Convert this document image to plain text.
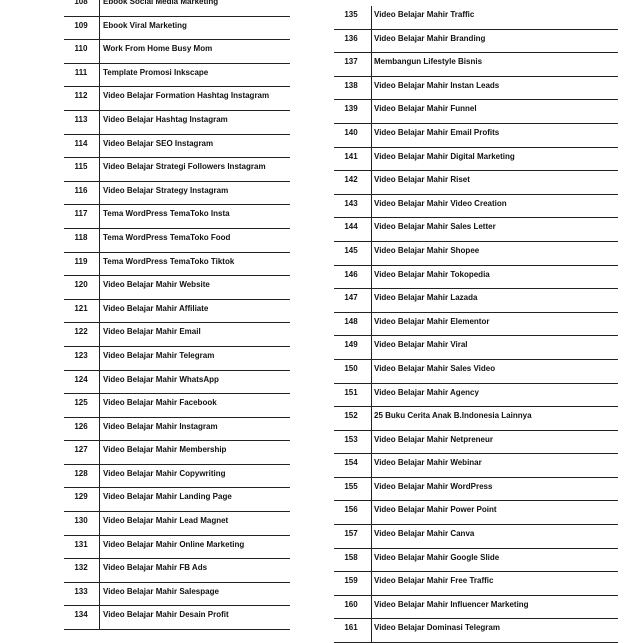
108	Ebook Social Media Marketing
109	Ebook Viral Marketing
110	Work From Home Busy Mom
111	Template Promosi Inkscape
112	Video Belajar Formation Hashtag Instagram
113	Video Belajar Hashtag Instagram
114	Video Belajar SEO Instagram
115	Video Belajar Strategi Followers Instagram
116	Video Belajar Strategy Instagram
117	Tema WordPress TemaToko Insta
118	Tema WordPress TemaToko Food
119	Tema WordPress TemaToko Tiktok
120	Video Belajar Mahir Website
121	Video Belajar Mahir Affiliate
122	Video Belajar Mahir Email
123	Video Belajar Mahir Telegram
124	Video Belajar Mahir WhatsApp
125	Video Belajar Mahir Facebook
126	Video Belajar Mahir Instagram
127	Video Belajar Mahir Membership
128	Video Belajar Mahir Copywriting
129	Video Belajar Mahir Landing Page
130	Video Belajar Mahir Lead Magnet
131	Video Belajar Mahir Online Marketing
132	Video Belajar Mahir FB Ads
133	Video Belajar Mahir Salespage
134	Video Belajar Mahir Desain Profit
135	Video Belajar Mahir Traffic
136	Video Belajar Mahir Branding
137	Membangun Lifestyle Bisnis
138	Video Belajar Mahir Instan Leads
139	Video Belajar Mahir Funnel
140	Video Belajar Mahir Email Profits
141	Video Belajar Mahir Digital Marketing
142	Video Belajar Mahir Riset
143	Video Belajar Mahir Video Creation
144	Video Belajar Mahir Sales Letter
145	Video Belajar Mahir Shopee
146	Video Belajar Mahir Tokopedia
147	Video Belajar Mahir Lazada
148	Video Belajar Mahir Elementor
149	Video Belajar Mahir Viral
150	Video Belajar Mahir Sales Video
151	Video Belajar Mahir Agency
152	25 Buku Cerita Anak B.Indonesia Lainnya
153	Video Belajar Mahir Netpreneur
154	Video Belajar Mahir Webinar
155	Video Belajar Mahir WordPress
156	Video Belajar Mahir Power Point
157	Video Belajar Mahir Canva
158	Video Belajar Mahir Google Slide
159	Video Belajar Mahir Free Traffic
160	Video Belajar Mahir Influencer Marketing
161	Video Belajar Dominasi Telegram
